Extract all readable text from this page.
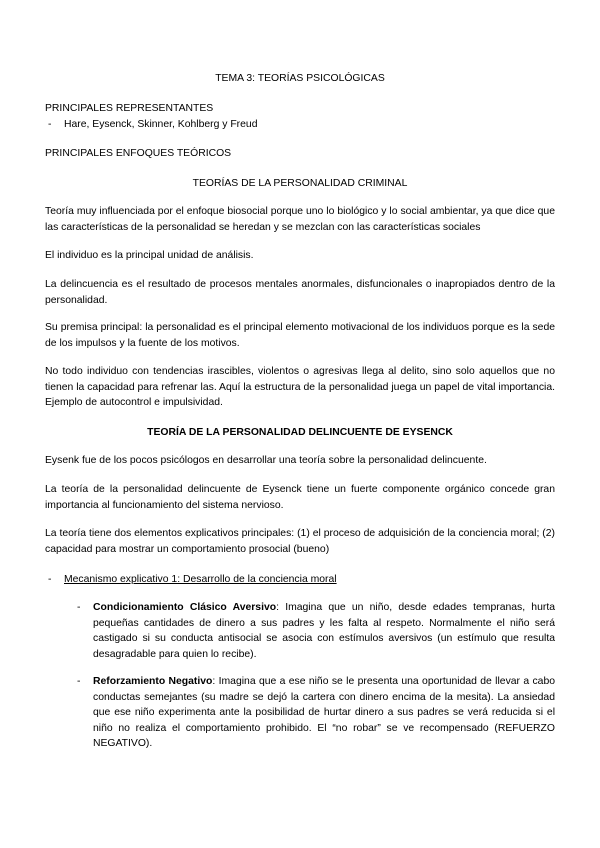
TEMA 3: TEORÍAS PSICOLÓGICAS

PRINCIPALES REPRESENTANTES

- Hare, Eysenck, Skinner, Kohlberg y Freud

PRINCIPALES ENFOQUES TEÓRICOS

TEORÍAS DE LA PERSONALIDAD CRIMINAL

Teoría muy influenciada por el enfoque biosocial porque uno lo biológico y lo social ambientar, ya que dice que las características de la personalidad se heredan y se mezclan con las características sociales

El individuo es la principal unidad de análisis.

La delincuencia es el resultado de procesos mentales anormales, disfuncionales o inapropiados dentro de la personalidad.

Su premisa principal: la personalidad es el principal elemento motivacional de los individuos porque es la sede de los impulsos y la fuente de los motivos.

No todo individuo con tendencias irascibles, violentos o agresivas llega al delito, sino solo aquellos que no tienen la capacidad para refrenar las. Aquí la estructura de la personalidad juega un papel de vital importancia. Ejemplo de autocontrol e impulsividad.

TEORÍA DE LA PERSONALIDAD DELINCUENTE DE EYSENCK

Eysenk fue de los pocos psicólogos en desarrollar una teoría sobre la personalidad delincuente.

La teoría de la personalidad delincuente de Eysenck tiene un fuerte componente orgánico concede gran importancia al funcionamiento del sistema nervioso.

La teoría tiene dos elementos explicativos principales: (1) el proceso de adquisición de la conciencia moral; (2) capacidad para mostrar un comportamiento prosocial (bueno)

- Mecanismo explicativo 1: Desarrollo de la conciencia moral

- Condicionamiento Clásico Aversivo: Imagina que un niño, desde edades tempranas, hurta pequeñas cantidades de dinero a sus padres y les falta al respeto. Normalmente el niño será castigado si su conducta antisocial se asocia con estímulos aversivos (un estímulo que resulta desagradable para quien lo recibe).

- Reforzamiento Negativo: Imagina que a ese niño se le presenta una oportunidad de llevar a cabo conductas semejantes (su madre se dejó la cartera con dinero encima de la mesita). La ansiedad que ese niño experimenta ante la posibilidad de hurtar dinero a sus padres se verá reducida si el niño no realiza el comportamiento prohibido. El “no robar” se ve recompensado (REFUERZO NEGATIVO).
